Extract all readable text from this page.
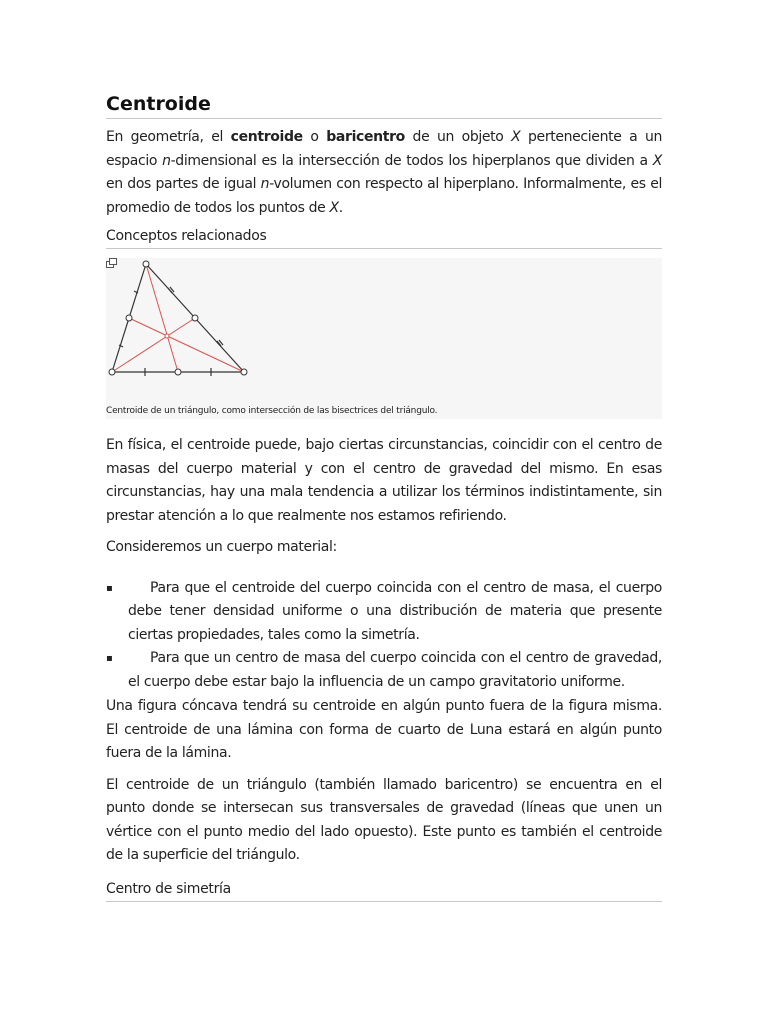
Centroide

En geometría, el centroide o baricentro de un objeto X perteneciente a un espacio n-dimensional es la intersección de todos los hiperplanos que dividen a X en dos partes de igual n-volumen con respecto al hiperplano. Informalmente, es el promedio de todos los puntos de X.

Conceptos relacionados
Centroide de un triángulo, como intersección de las bisectrices del triángulo.

En física, el centroide puede, bajo ciertas circunstancias, coincidir con el centro de masas del cuerpo material y con el centro de gravedad del mismo. En esas circunstancias, hay una mala tendencia a utilizar los términos indistintamente, sin prestar atención a lo que realmente nos estamos refiriendo.

Consideremos un cuerpo material:

▪	Para que el centroide del cuerpo coincida con el centro de masa, el cuerpo debe tener densidad uniforme o una distribución de materia que presente ciertas propiedades, tales como la simetría.
▪	Para que un centro de masa del cuerpo coincida con el centro de gravedad, el cuerpo debe estar bajo la influencia de un campo gravitatorio uniforme.

Una figura cóncava tendrá su centroide en algún punto fuera de la figura misma. El centroide de una lámina con forma de cuarto de Luna estará en algún punto fuera de la lámina.

El centroide de un triángulo (también llamado baricentro) se encuentra en el punto donde se intersecan sus transversales de gravedad (líneas que unen un vértice con el punto medio del lado opuesto). Este punto es también el centroide de la superficie del triángulo.

Centro de simetría
